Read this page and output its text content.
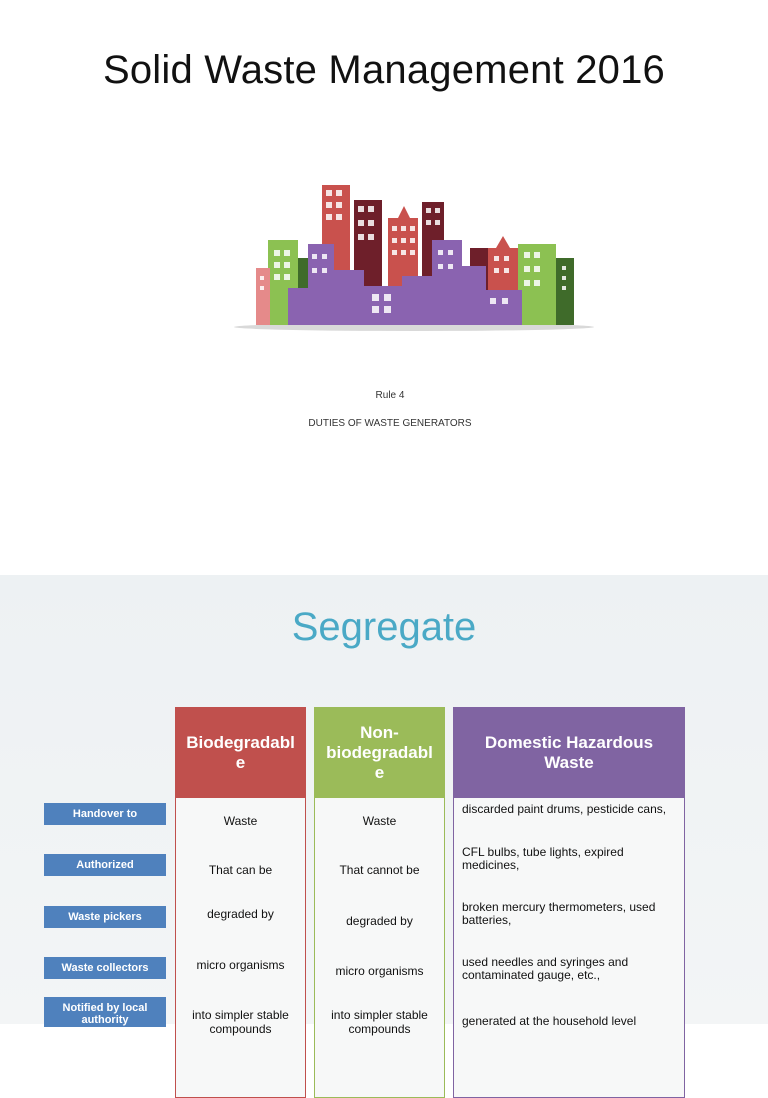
Solid Waste Management 2016
Rule 4
DUTIES OF WASTE GENERATORS
Segregate
Handover to
Authorized
Waste pickers
Waste collectors
Notified by local authority
Biodegradabl e
Waste
That can be
degraded by
micro organisms
into simpler stable compounds
Non-biodegradabl e
Waste
That cannot be
degraded by
micro organisms
into simpler stable compounds
Domestic Hazardous Waste
discarded paint drums, pesticide cans,
CFL bulbs, tube lights, expired medicines,
broken mercury thermometers, used batteries,
used needles and syringes and contaminated gauge, etc.,
generated at the household level
